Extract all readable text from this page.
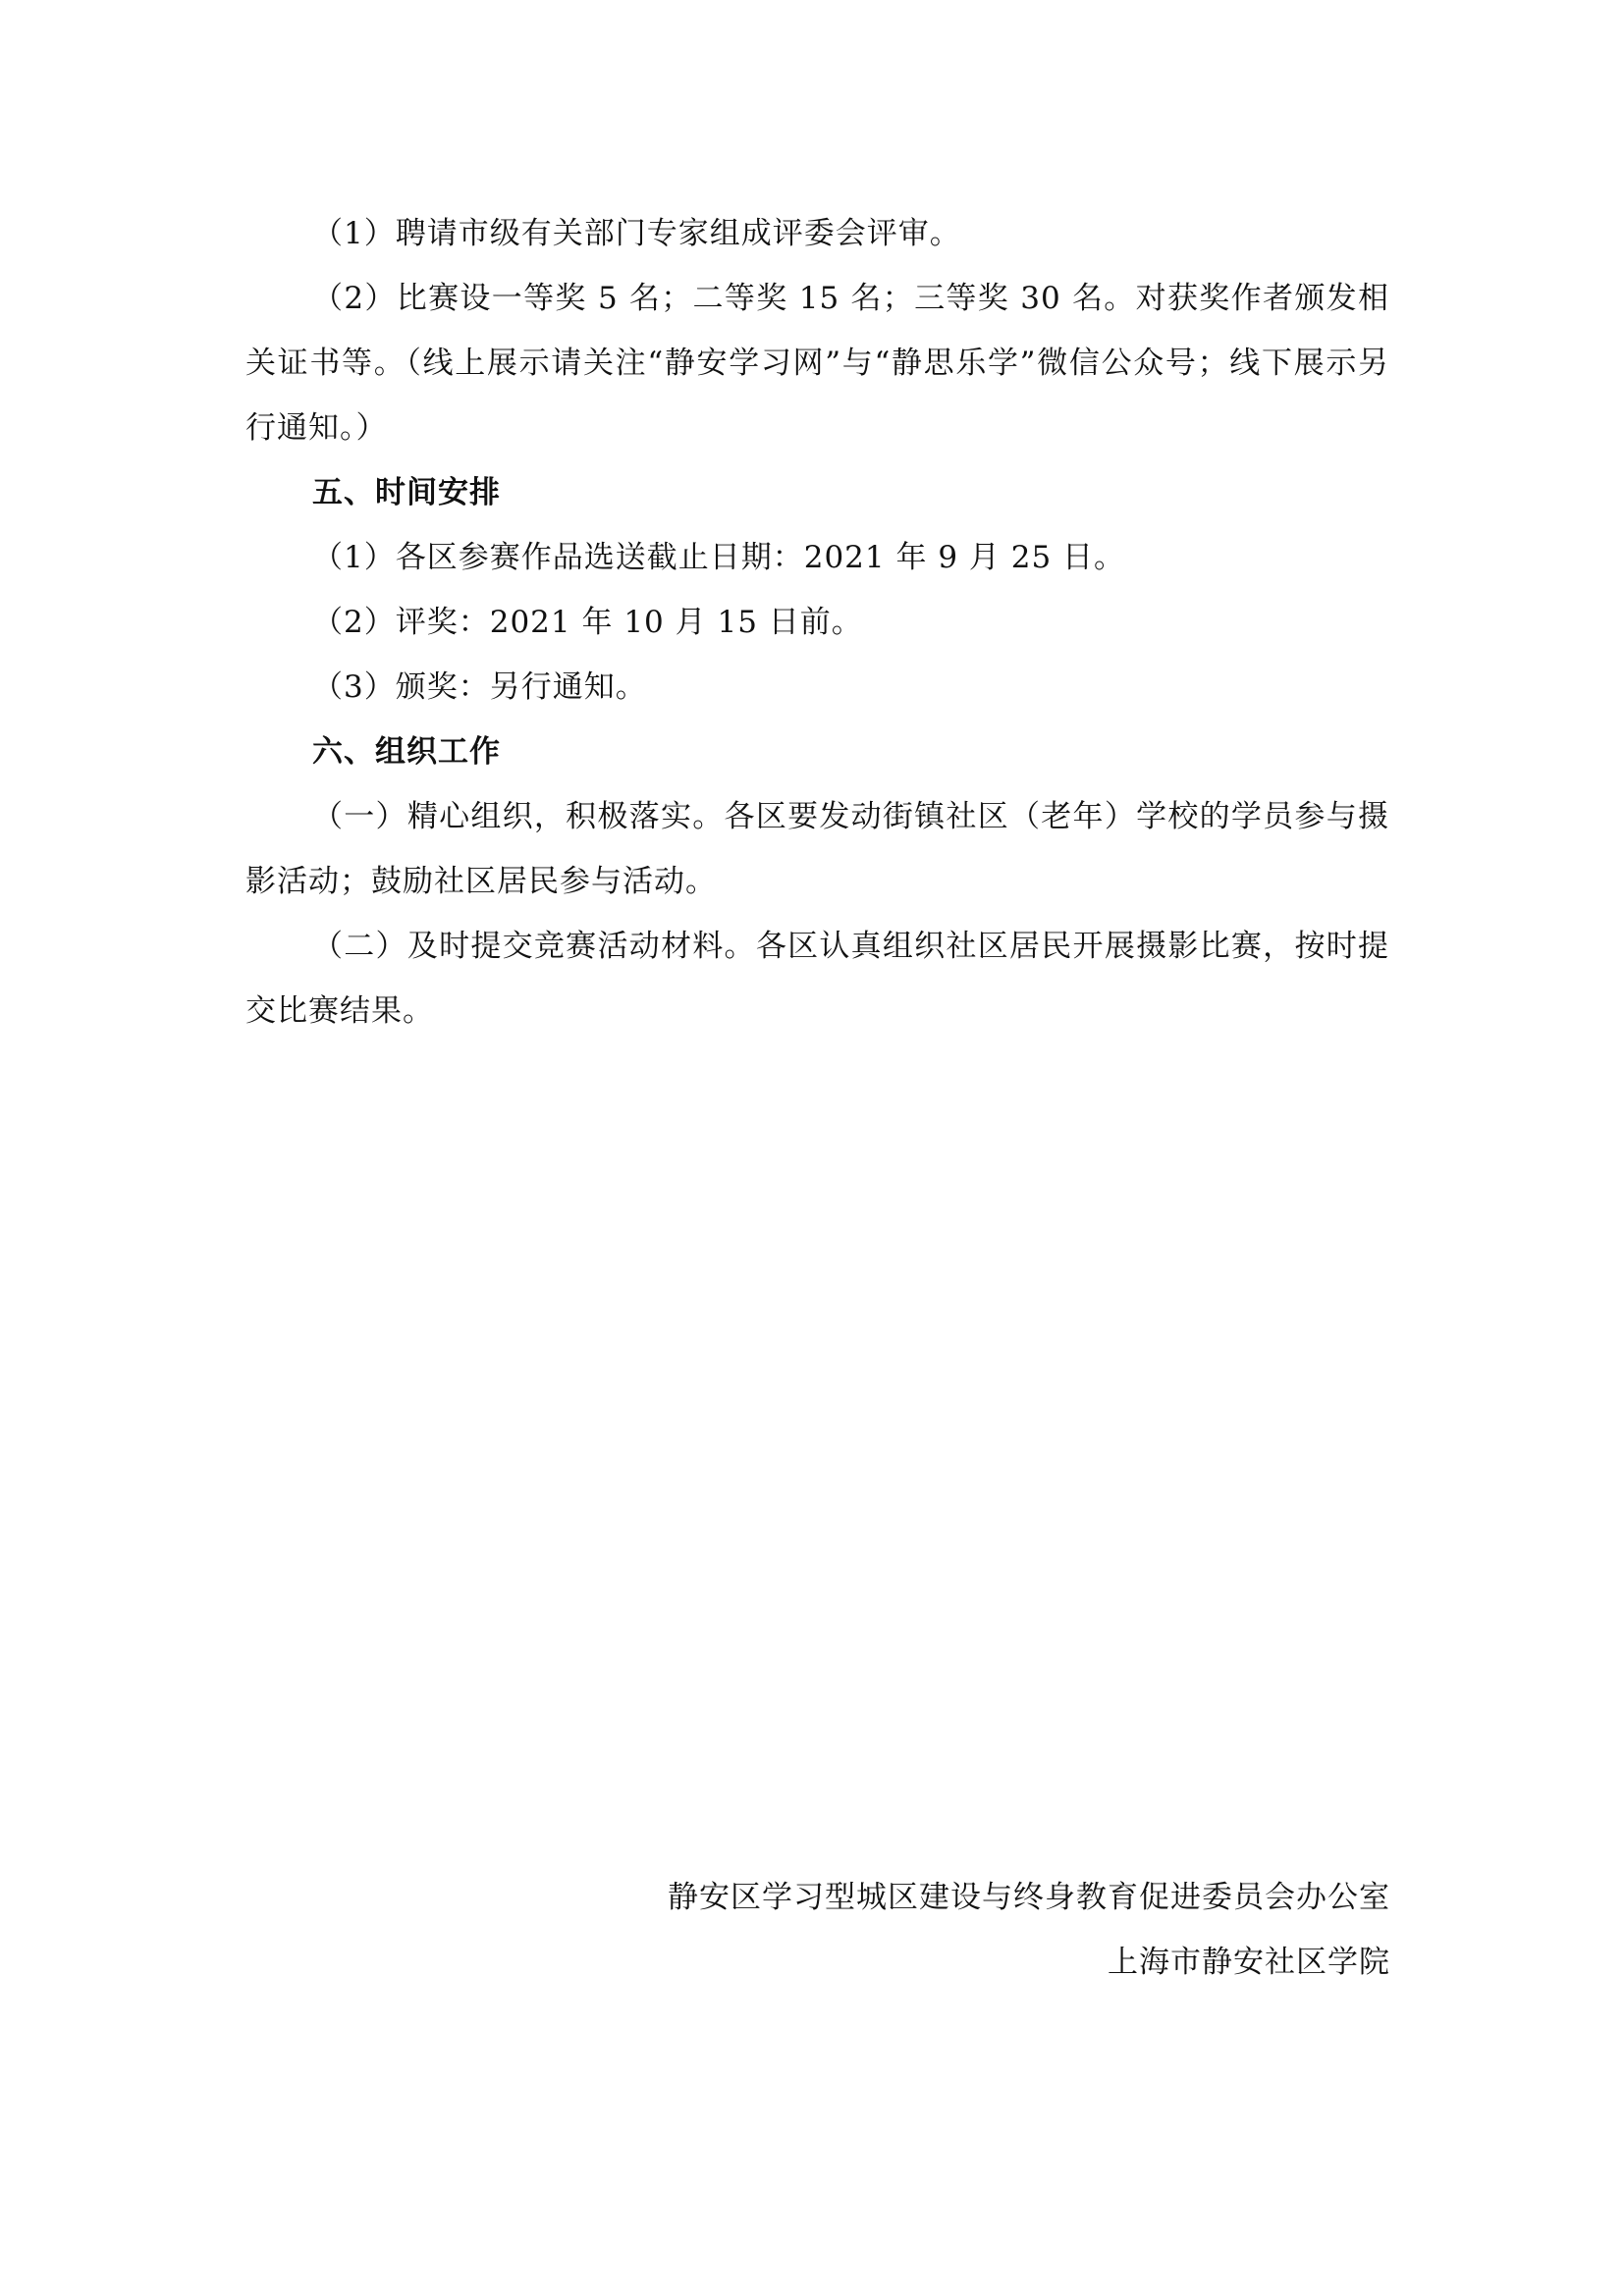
（1）聘请市级有关部门专家组成评委会评审。

（2）比赛设一等奖 5 名；二等奖 15 名；三等奖 30 名。对获奖作者颁发相关证书等。（线上展示请关注“静安学习网”与“静思乐学”微信公众号；线下展示另行通知。）

五、时间安排

（1）各区参赛作品选送截止日期：2021 年 9 月 25 日。

（2）评奖：2021 年 10 月 15 日前。

（3）颁奖：另行通知。

六、组织工作

（一）精心组织，积极落实。各区要发动街镇社区（老年）学校的学员参与摄影活动；鼓励社区居民参与活动。

（二）及时提交竞赛活动材料。各区认真组织社区居民开展摄影比赛，按时提交比赛结果。

静安区学习型城区建设与终身教育促进委员会办公室
上海市静安社区学院
